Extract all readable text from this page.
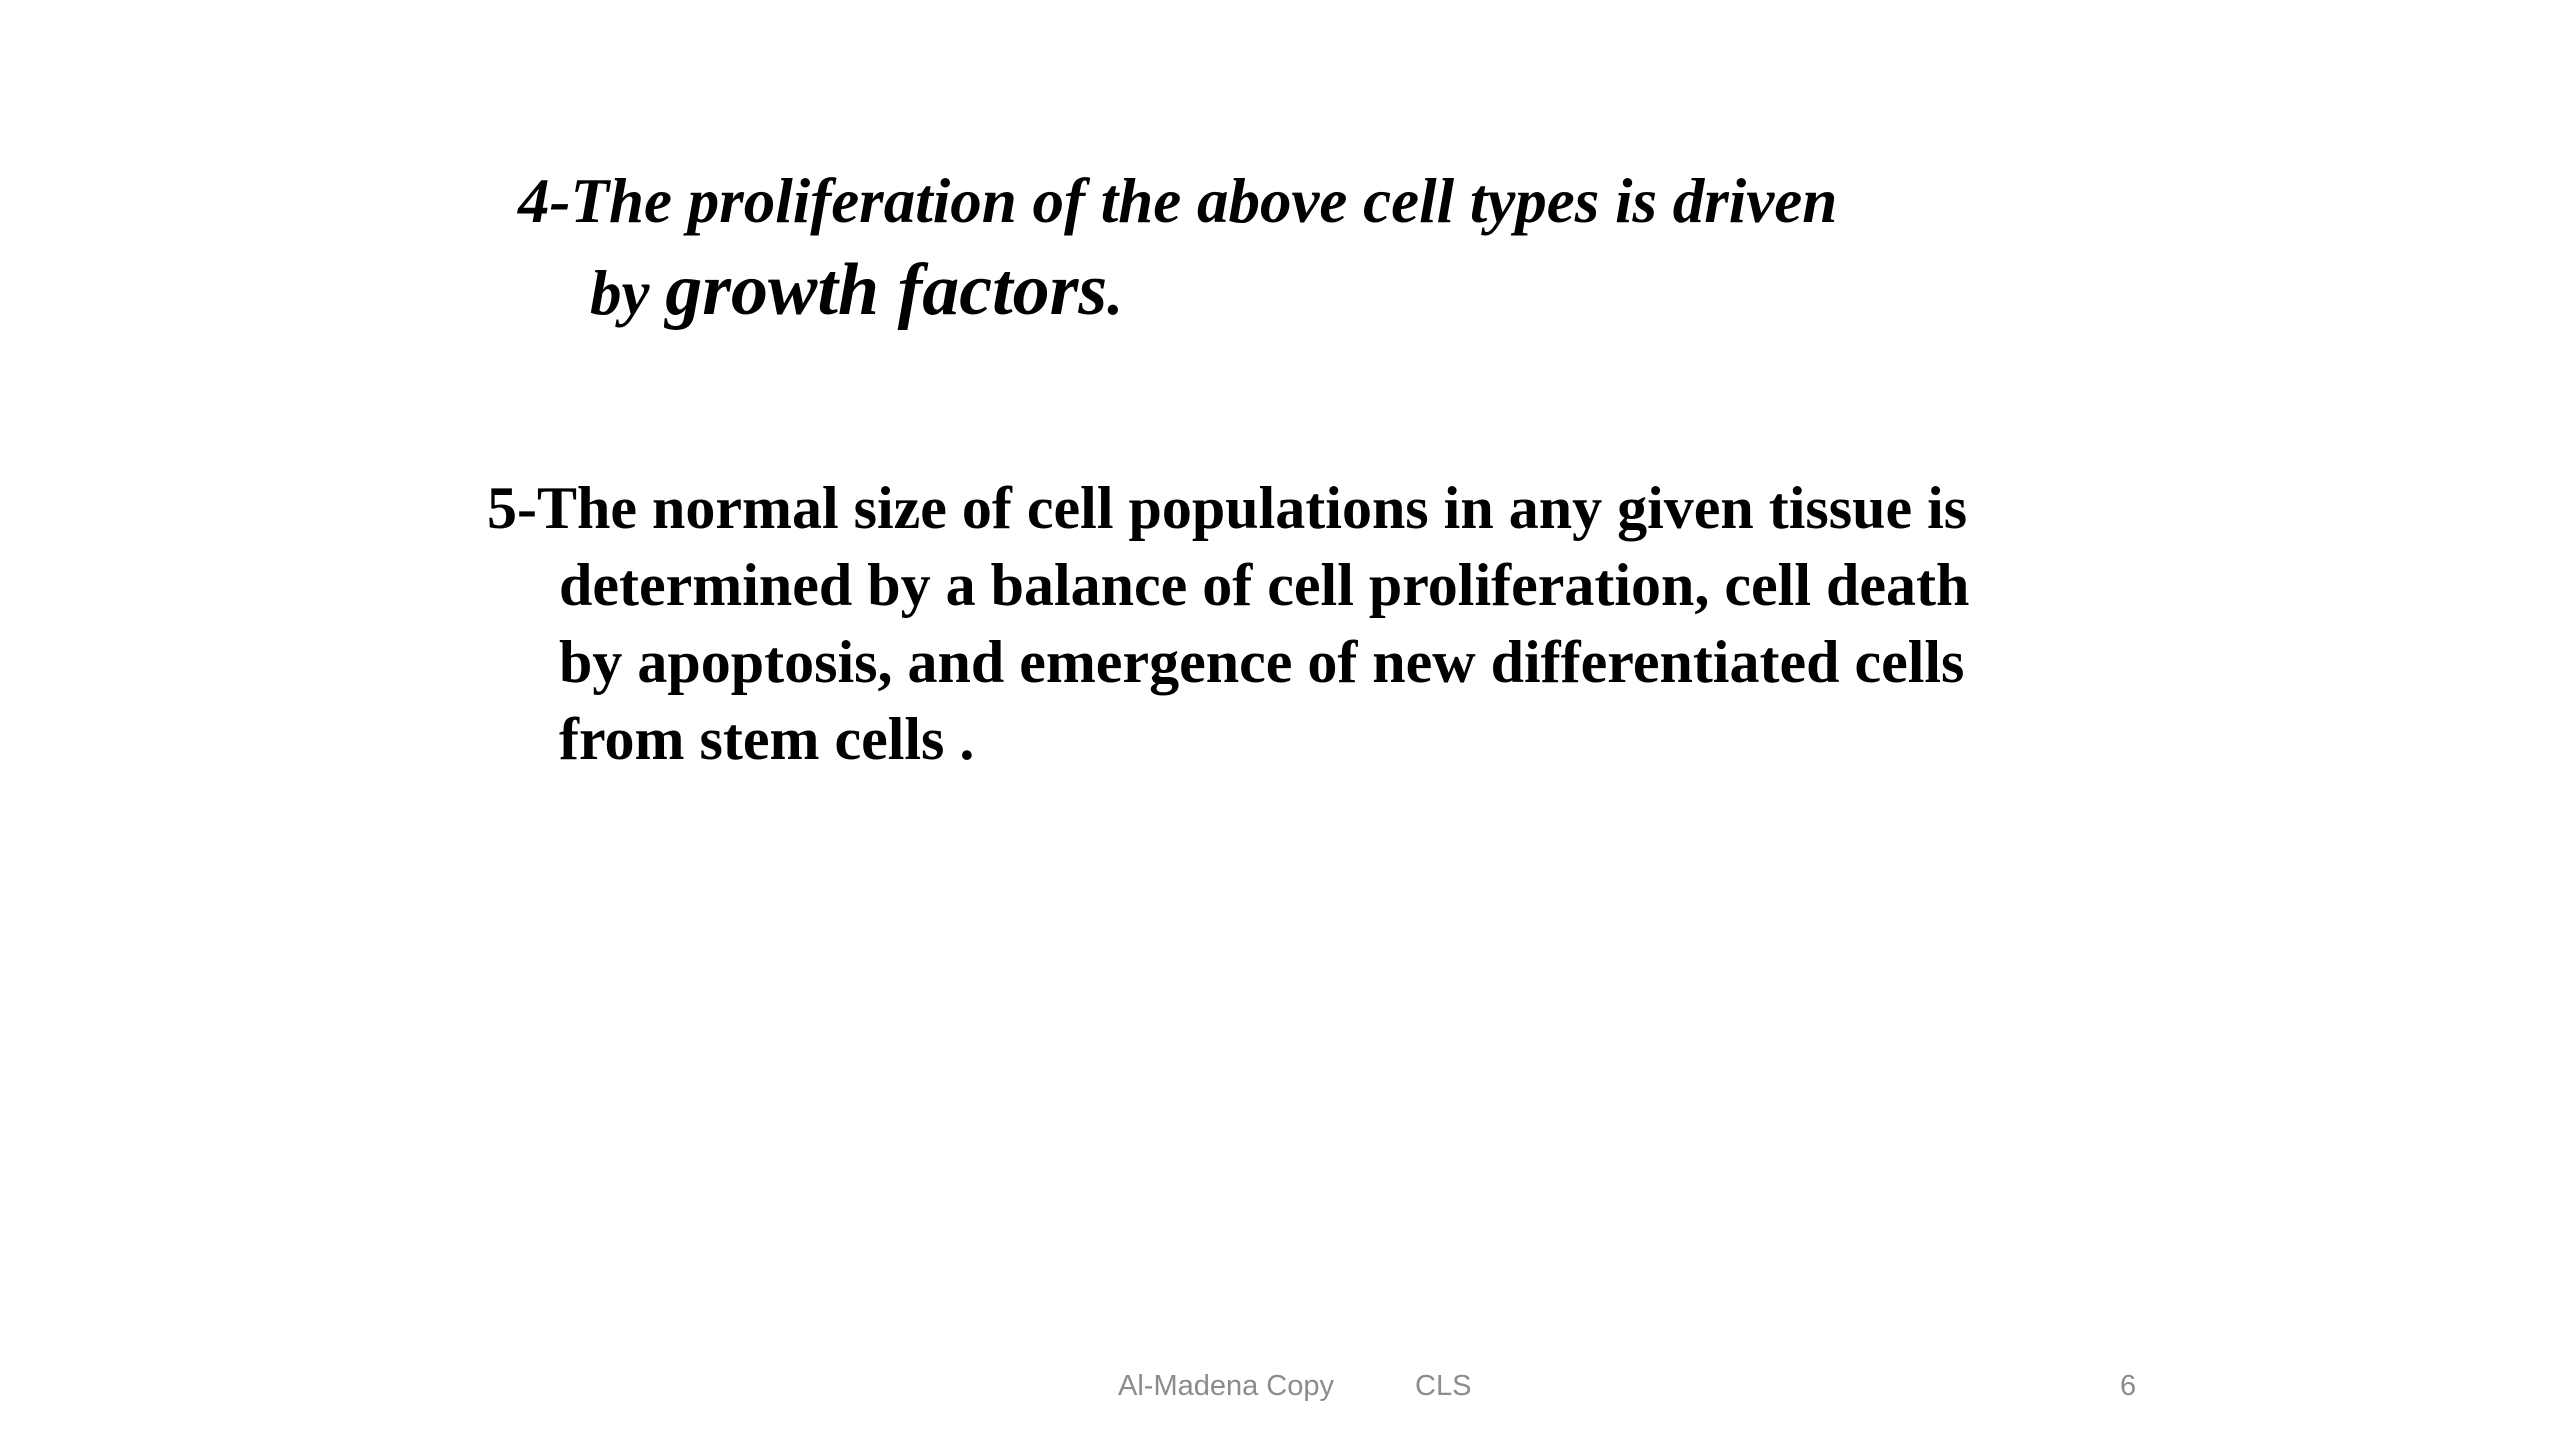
4-The proliferation of the above cell types is driven
by growth factors.
5-The normal size of cell populations in any given tissue is
determined by a balance of cell proliferation, cell death
by apoptosis, and emergence of new differentiated cells
from stem cells .
Al-Madena Copy	CLS	6
